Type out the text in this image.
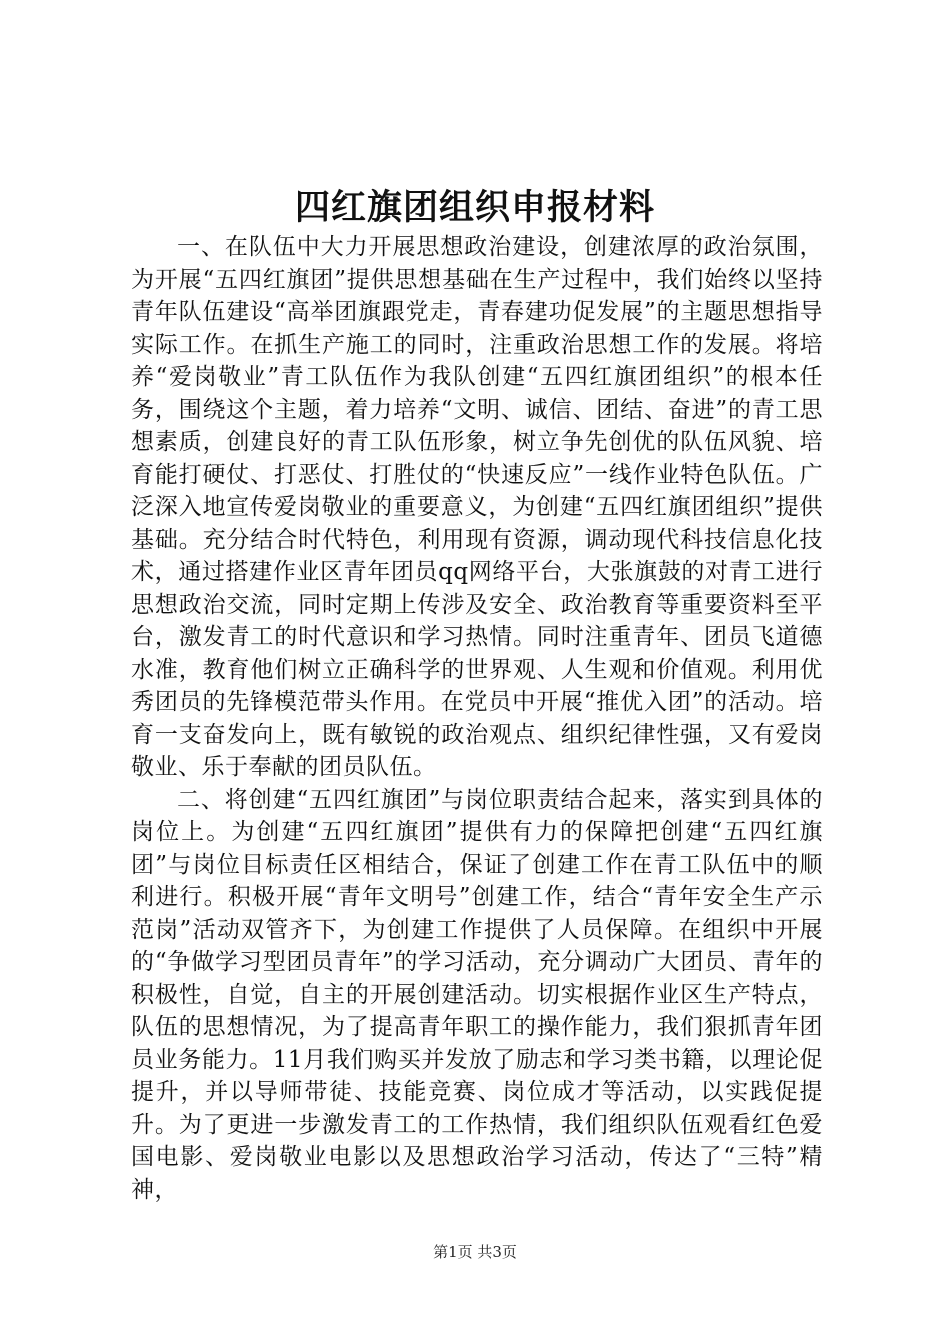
四红旗团组织申报材料

一、在队伍中大力开展思想政治建设，创建浓厚的政治氛围，为开展“五四红旗团”提供思想基础在生产过程中，我们始终以坚持青年队伍建设“高举团旗跟党走，青春建功促发展”的主题思想指导实际工作。在抓生产施工的同时，注重政治思想工作的发展。将培养“爱岗敬业”青工队伍作为我队创建“五四红旗团组织”的根本任务，围绕这个主题，着力培养“文明、诚信、团结、奋进”的青工思想素质，创建良好的青工队伍形象，树立争先创优的队伍风貌、培育能打硬仗、打恶仗、打胜仗的“快速反应”一线作业特色队伍。广泛深入地宣传爱岗敬业的重要意义，为创建“五四红旗团组织”提供基础。充分结合时代特色，利用现有资源，调动现代科技信息化技术，通过搭建作业区青年团员qq网络平台，大张旗鼓的对青工进行思想政治交流，同时定期上传涉及安全、政治教育等重要资料至平台，激发青工的时代意识和学习热情。同时注重青年、团员飞道德水准，教育他们树立正确科学的世界观、人生观和价值观。利用优秀团员的先锋模范带头作用。在党员中开展“推优入团”的活动。培育一支奋发向上，既有敏锐的政治观点、组织纪律性强，又有爱岗敬业、乐于奉献的团员队伍。

二、将创建“五四红旗团”与岗位职责结合起来，落实到具体的岗位上。为创建“五四红旗团”提供有力的保障把创建“五四红旗团”与岗位目标责任区相结合，保证了创建工作在青工队伍中的顺利进行。积极开展“青年文明号”创建工作，结合“青年安全生产示范岗”活动双管齐下，为创建工作提供了人员保障。在组织中开展的“争做学习型团员青年”的学习活动，充分调动广大团员、青年的积极性，自觉，自主的开展创建活动。切实根据作业区生产特点，队伍的思想情况，为了提高青年职工的操作能力，我们狠抓青年团员业务能力。11月我们购买并发放了励志和学习类书籍，以理论促提升，并以导师带徒、技能竞赛、岗位成才等活动，以实践促提升。为了更进一步激发青工的工作热情，我们组织队伍观看红色爱国电影、爱岗敬业电影以及思想政治学习活动，传达了“三特”精神，

第1页 共3页
